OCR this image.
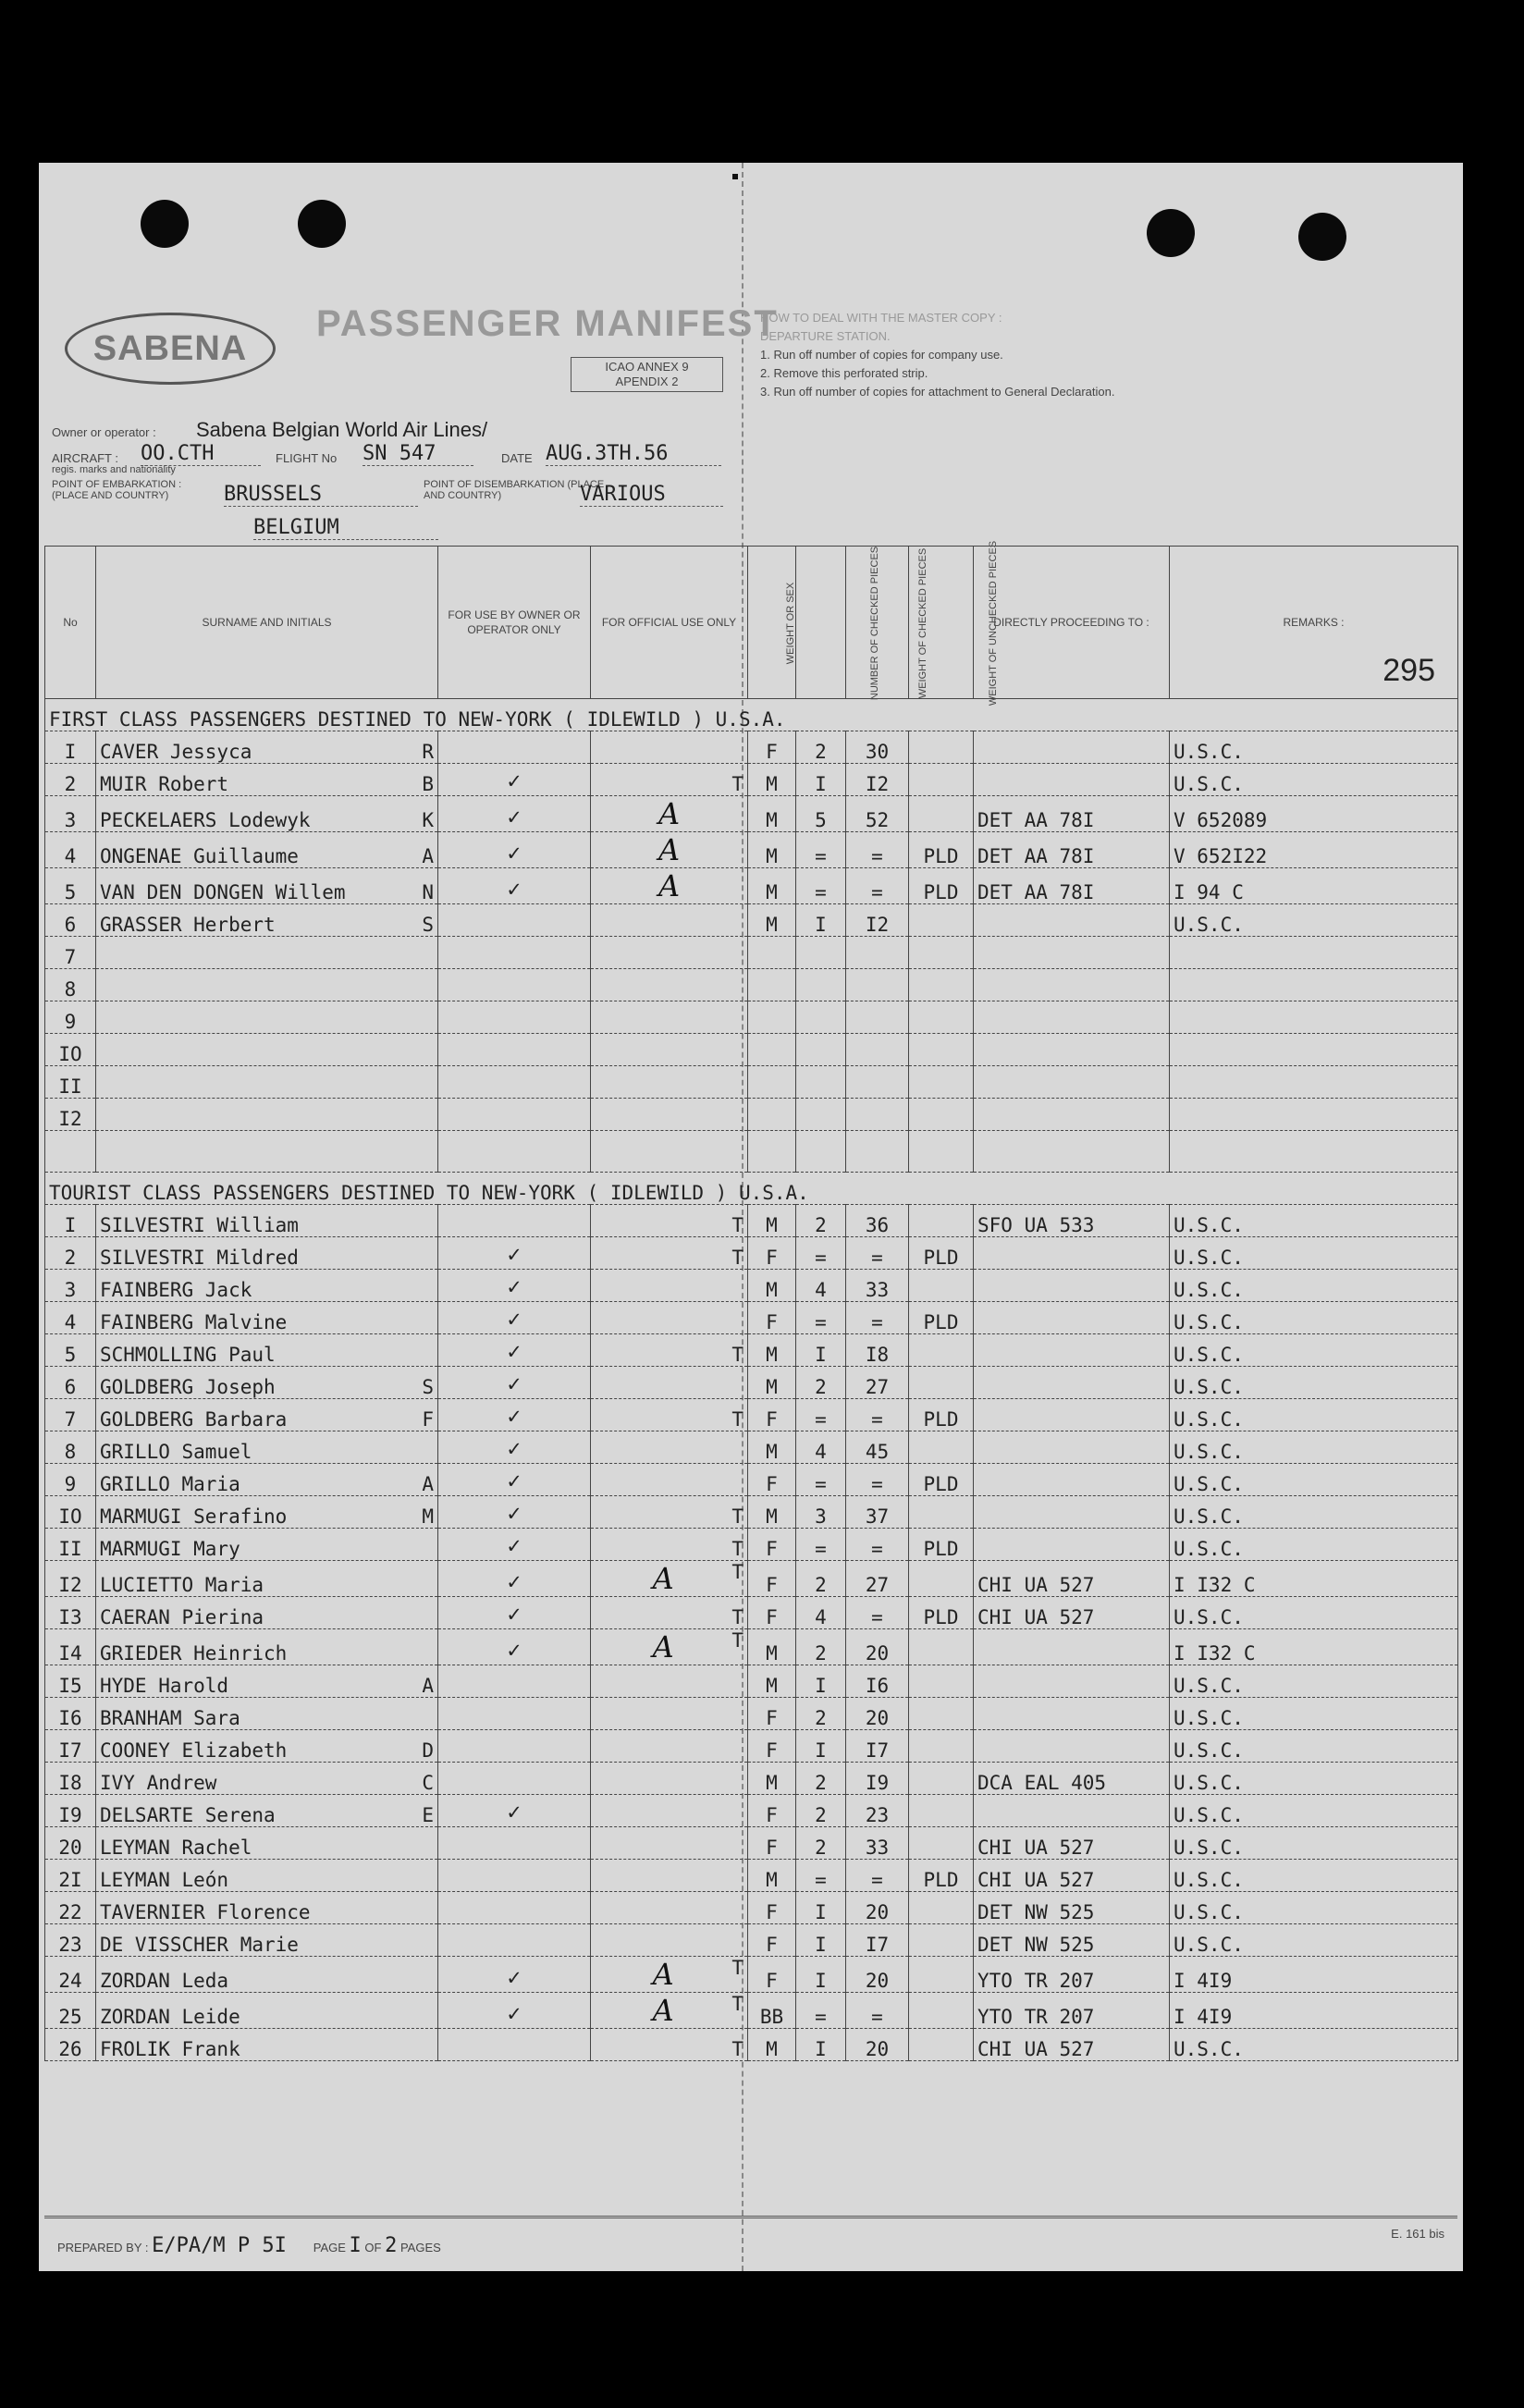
SABENA
PASSENGER MANIFEST
ICAO ANNEX 9
APENDIX 2
HOW TO DEAL WITH THE MASTER COPY :
DEPARTURE STATION.
1. Run off number of copies for company use.
2. Remove this perforated strip.
3. Run off number of copies for attachment to General Declaration.
Owner or operator : Sabena Belgian World Air Lines/
AIRCRAFT : OO.CTH
regis. marks and nationality
FLIGHT No SN 547	DATE AUG.3TH.56
POINT OF EMBARKATION : (PLACE AND COUNTRY)	BRUSSELS
BELGIUM
POINT OF DISEMBARKATION (PLACE AND COUNTRY)	VARIOUS
295
No	SURNAME AND INITIALS	FOR USE BY OWNER OR OPERATOR ONLY	FOR OFFICIAL USE ONLY	WEIGHT OR SEX	NUMBER OF CHECKED PIECES	WEIGHT OF CHECKED PIECES	WEIGHT OF UNCHECKED PIECES	DIRECTLY PROCEEDING TO :	REMARKS :
FIRST CLASS PASSENGERS DESTINED TO NEW-YORK ( IDLEWILD ) U.S.A.									
I	CAVER Jessyca R			F	2	30			U.S.C.
2	MUIR Robert B	✓	T	M	I	I2			U.S.C.
3	PECKELAERS Lodewyk K	✓	A	M	5	52		DET AA 78I	V 652089
4	ONGENAE Guillaume A	✓	A	M	=	=	PLD	DET AA 78I	V 652I22
5	VAN DEN DONGEN Willem N	✓	A	M	=	=	PLD	DET AA 78I	I 94 C
6	GRASSER Herbert S			M	I	I2			U.S.C.
7	

8	

9	

IO	

II	

I2	

TOURIST CLASS PASSENGERS DESTINED TO NEW-YORK ( IDLEWILD ) U.S.A.									
I	SILVESTRI William		T	M	2	36		SFO UA 533	U.S.C.
2	SILVESTRI Mildred	✓	T	F	=	=	PLD		U.S.C.
3	FAINBERG Jack	✓		M	4	33			U.S.C.
4	FAINBERG Malvine	✓		F	=	=	PLD		U.S.C.
5	SCHMOLLING Paul	✓	T	M	I	I8			U.S.C.
6	GOLDBERG Joseph S	✓		M	2	27			U.S.C.
7	GOLDBERG Barbara F	✓	T	F	=	=	PLD		U.S.C.
8	GRILLO Samuel	✓		M	4	45			U.S.C.
9	GRILLO Maria A	✓		F	=	=	PLD		U.S.C.
IO	MARMUGI Serafino M	✓	T	M	3	37			U.S.C.
II	MARMUGI Mary	✓	T	F	=	=	PLD		U.S.C.
I2	LUCIETTO Maria	✓	A T	F	2	27		CHI UA 527	I I32 C
I3	CAERAN Pierina	✓	T	F	4	=	PLD	CHI UA 527	U.S.C.
I4	GRIEDER Heinrich	✓	A T	M	2	20			I I32 C
I5	HYDE Harold A			M	I	I6			U.S.C.
I6	BRANHAM Sara			F	2	20			U.S.C.
I7	COONEY Elizabeth D			F	I	I7			U.S.C.
I8	IVY Andrew C			M	2	I9		DCA EAL 405	U.S.C.
I9	DELSARTE Serena E	✓		F	2	23			U.S.C.
20	LEYMAN Rachel			F	2	33		CHI UA 527	U.S.C.
2I	LEYMAN León			M	=	=	PLD	CHI UA 527	U.S.C.
22	TAVERNIER Florence			F	I	20		DET NW 525	U.S.C.
23	DE VISSCHER Marie			F	I	I7		DET NW 525	U.S.C.
24	ZORDAN Leda	✓	A T	F	I	20		YTO TR 207	I 4I9
25	ZORDAN Leide	✓	A T	BB	=	=		YTO TR 207	I 4I9
26	FROLIK Frank		T	M	I	20		CHI UA 527	U.S.C.
PREPARED BY : E/PA/M P 5I PAGE I OF 2 PAGES
E. 161 bis
